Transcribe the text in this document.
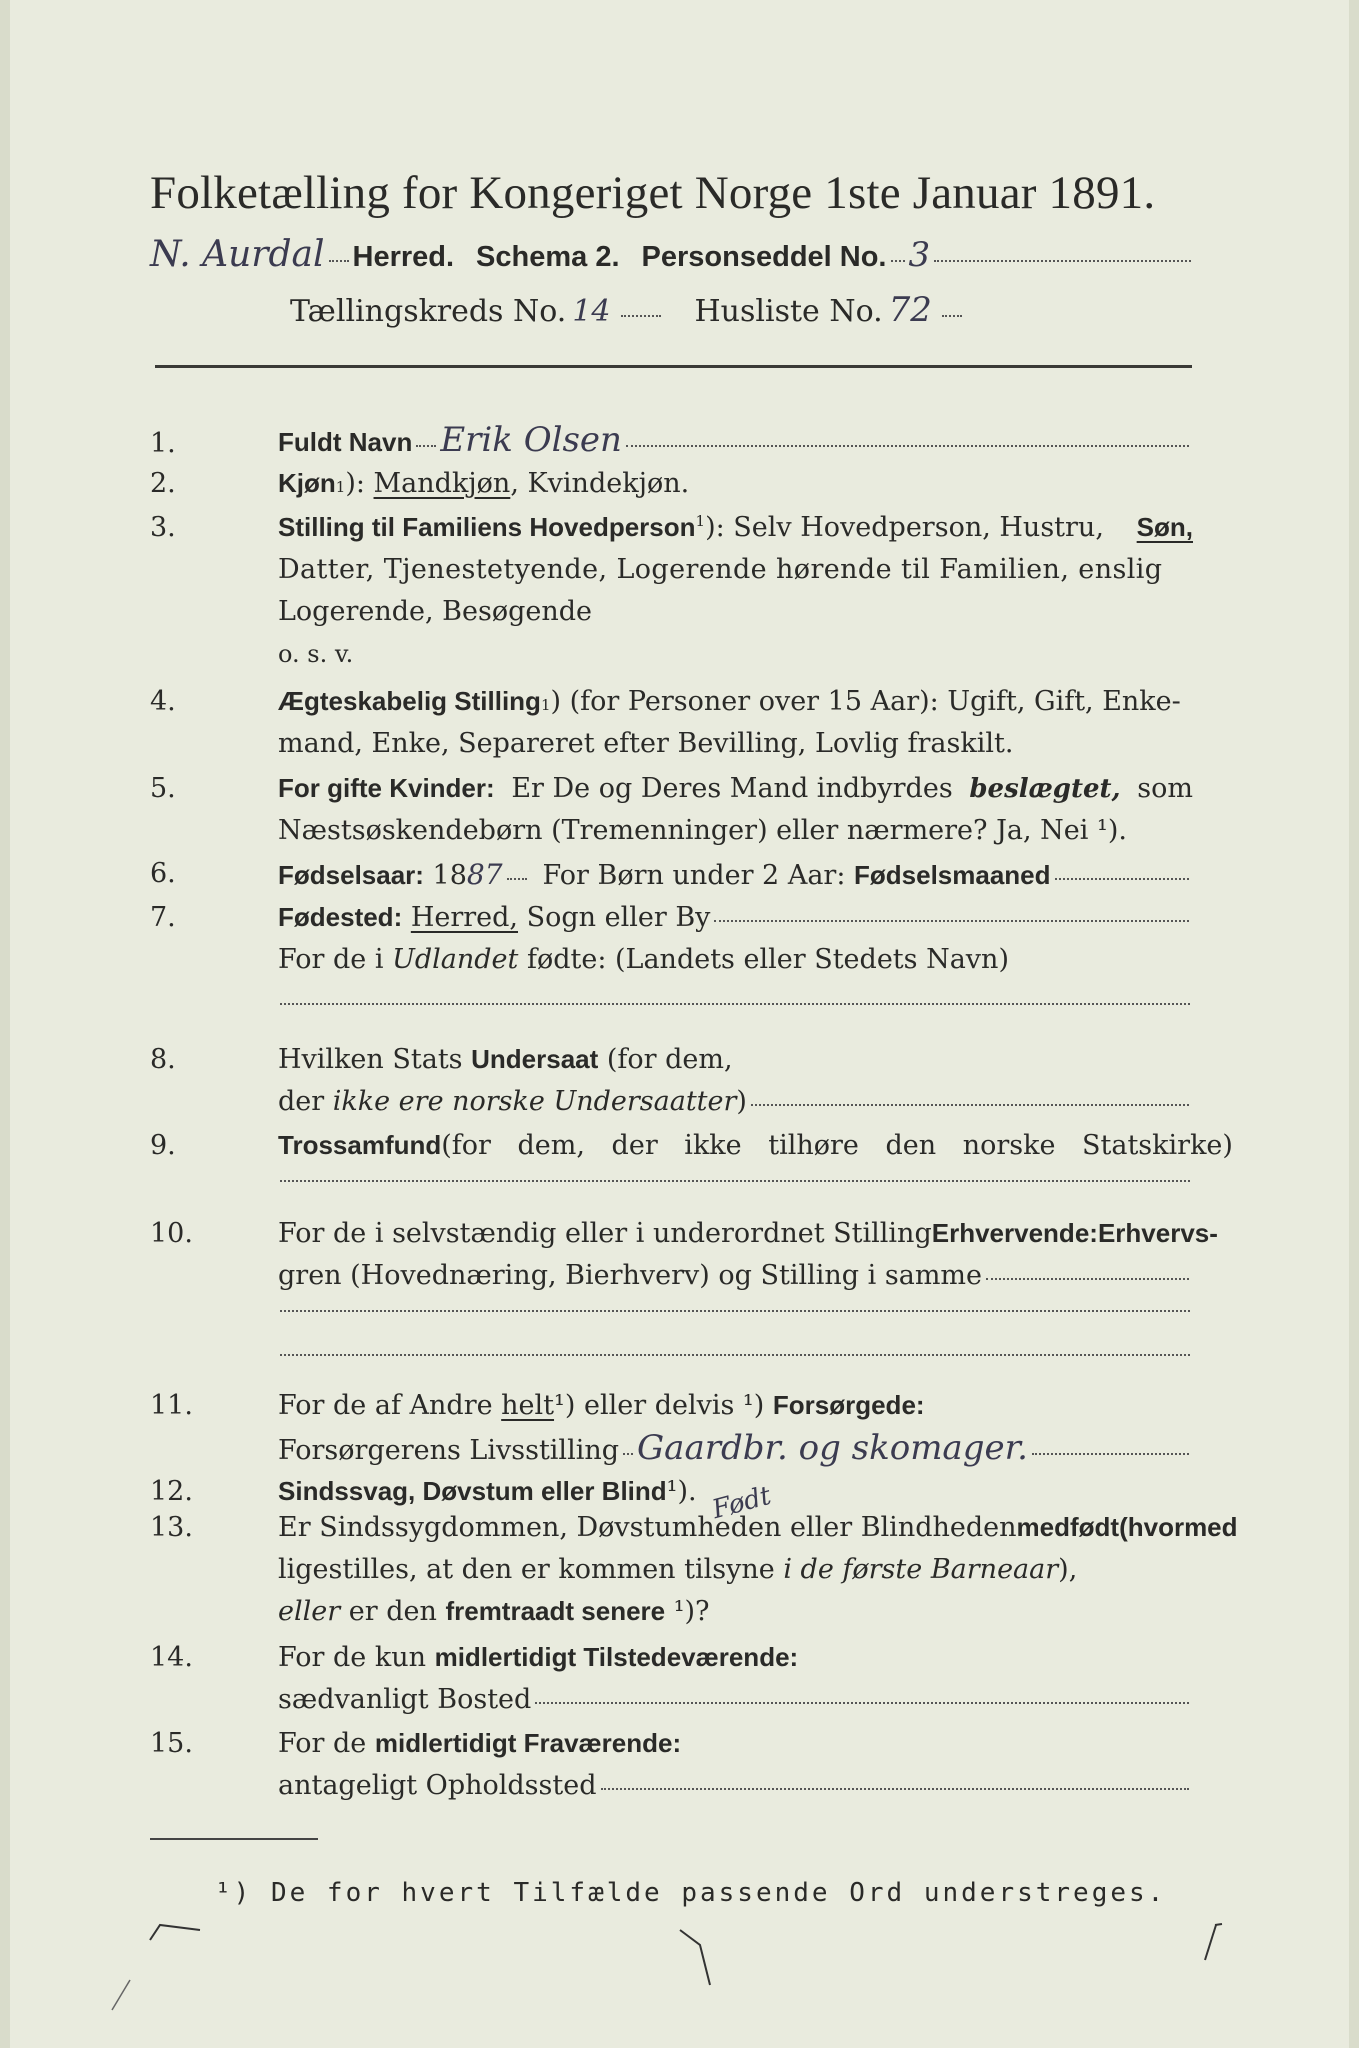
Folketælling for Kongeriget Norge 1ste Januar 1891.
N. Aurdal Herred. Schema 2. Personseddel No. 3
Tællingskreds No. 14	Husliste No. 72
1.	Fuldt Navn Erik Olsen
2.	Kjøn 1 ): Mandkjøn , Kvindekjøn.
3.	Stilling til Familiens Hovedperson$^1$): Selv Hovedperson, Hustru, Søn,
Datter, Tjenestetyende, Logerende hørende til Familien, enslig
Logerende, Besøgende
o. s. v.
4.	Ægteskabelig Stilling 1 ) (for Personer over 15 Aar): Ugift, Gift, Enke-
mand, Enke, Separeret efter Bevilling, Lovlig fraskilt.
5.	For gifte Kvinder: Er De og Deres Mand indbyrdes beslægtet, som
Næstsøskendebørn (Tremenninger) eller nærmere? Ja, Nei ¹).
6.	Fødselsaar:
18 87 For Børn under 2 Aar:
Fødselsmaaned
7.	Fødested:
Herred,
Sogn eller By
For de i
Udlandet
fødte: (Landets eller Stedets Navn)
8.	Hvilken Stats
Undersaat
(for dem,
der
ikke ere norske Undersaatter )
9.	Trossamfund (for dem, der ikke tilhøre den norske Statskirke)
10.	For de i selvstændig eller i underordnet Stilling Erhvervende: Erhvervs-
gren (Hovednæring, Bierhverv) og Stilling i samme
11.	For de af Andre
helt ¹) eller delvis ¹)
Forsørgede:
Forsørgerens Livsstilling Gaardbr. og skomager.
12.	Sindssvag, Døvstum eller Blind ¹). Født
13.	Er Sindssygdommen, Døvstumheden eller Blindheden medfødt (hvormed
ligestilles, at den er kommen tilsyne
i de første Barneaar ),
eller
er den
fremtraadt senere
¹)?
14.	For de kun
midlertidigt Tilstedeværende:
sædvanligt Bosted
15.	For de
midlertidigt Fraværende:
antageligt Opholdssted
¹) De for hvert Tilfælde passende Ord understreges.
